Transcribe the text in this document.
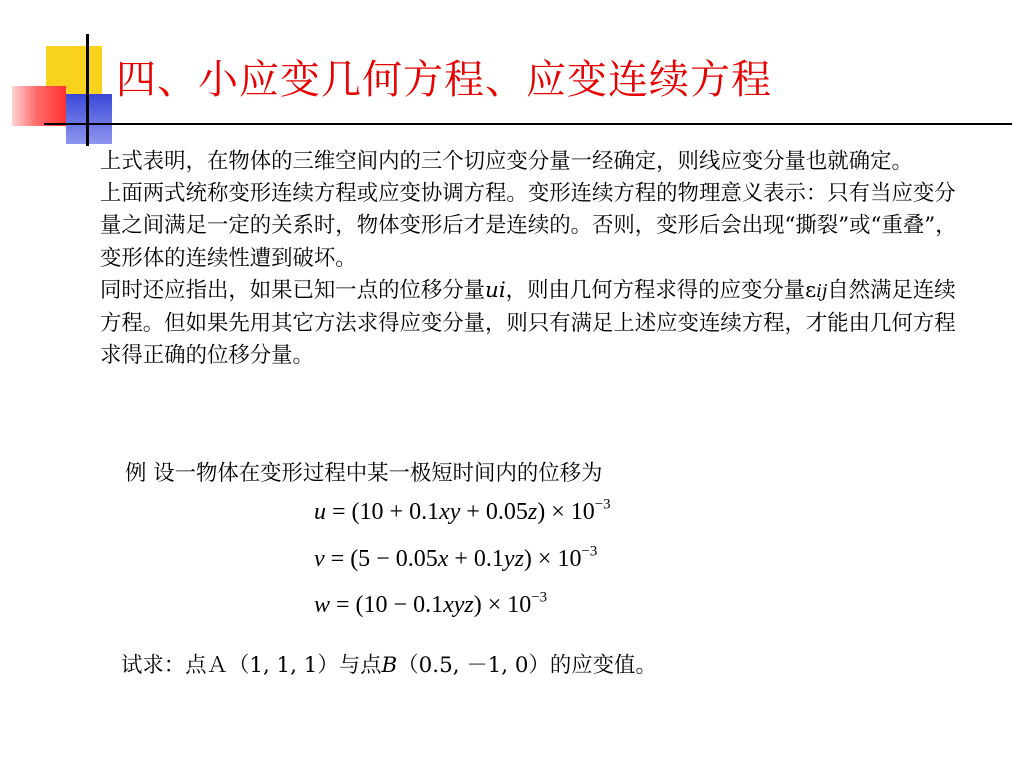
四、小应变几何方程、应变连续方程

上式表明，在物体的三维空间内的三个切应变分量一经确定，则线应变分量也就确定。

上面两式统称变形连续方程或应变协调方程。变形连续方程的物理意义表示：只有当应变分量之间满足一定的关系时，物体变形后才是连续的。否则，变形后会出现“撕裂”或“重叠”，变形体的连续性遭到破坏。

同时还应指出，如果已知一点的位移分量ui，则由几何方程求得的应变分量εij自然满足连续方程。但如果先用其它方法求得应变分量，则只有满足上述应变连续方程，才能由几何方程求得正确的位移分量。

例 设一物体在变形过程中某一极短时间内的位移为
$u = (10 + 0.1xy + 0.05z) \times 10^{-3}$
$v = (5 - 0.05x + 0.1yz) \times 10^{-3}$
$w = (10 - 0.1xyz) \times 10^{-3}$
试求：点Ａ（1, 1, 1）与点B（0.5, －1, 0）的应变值。
